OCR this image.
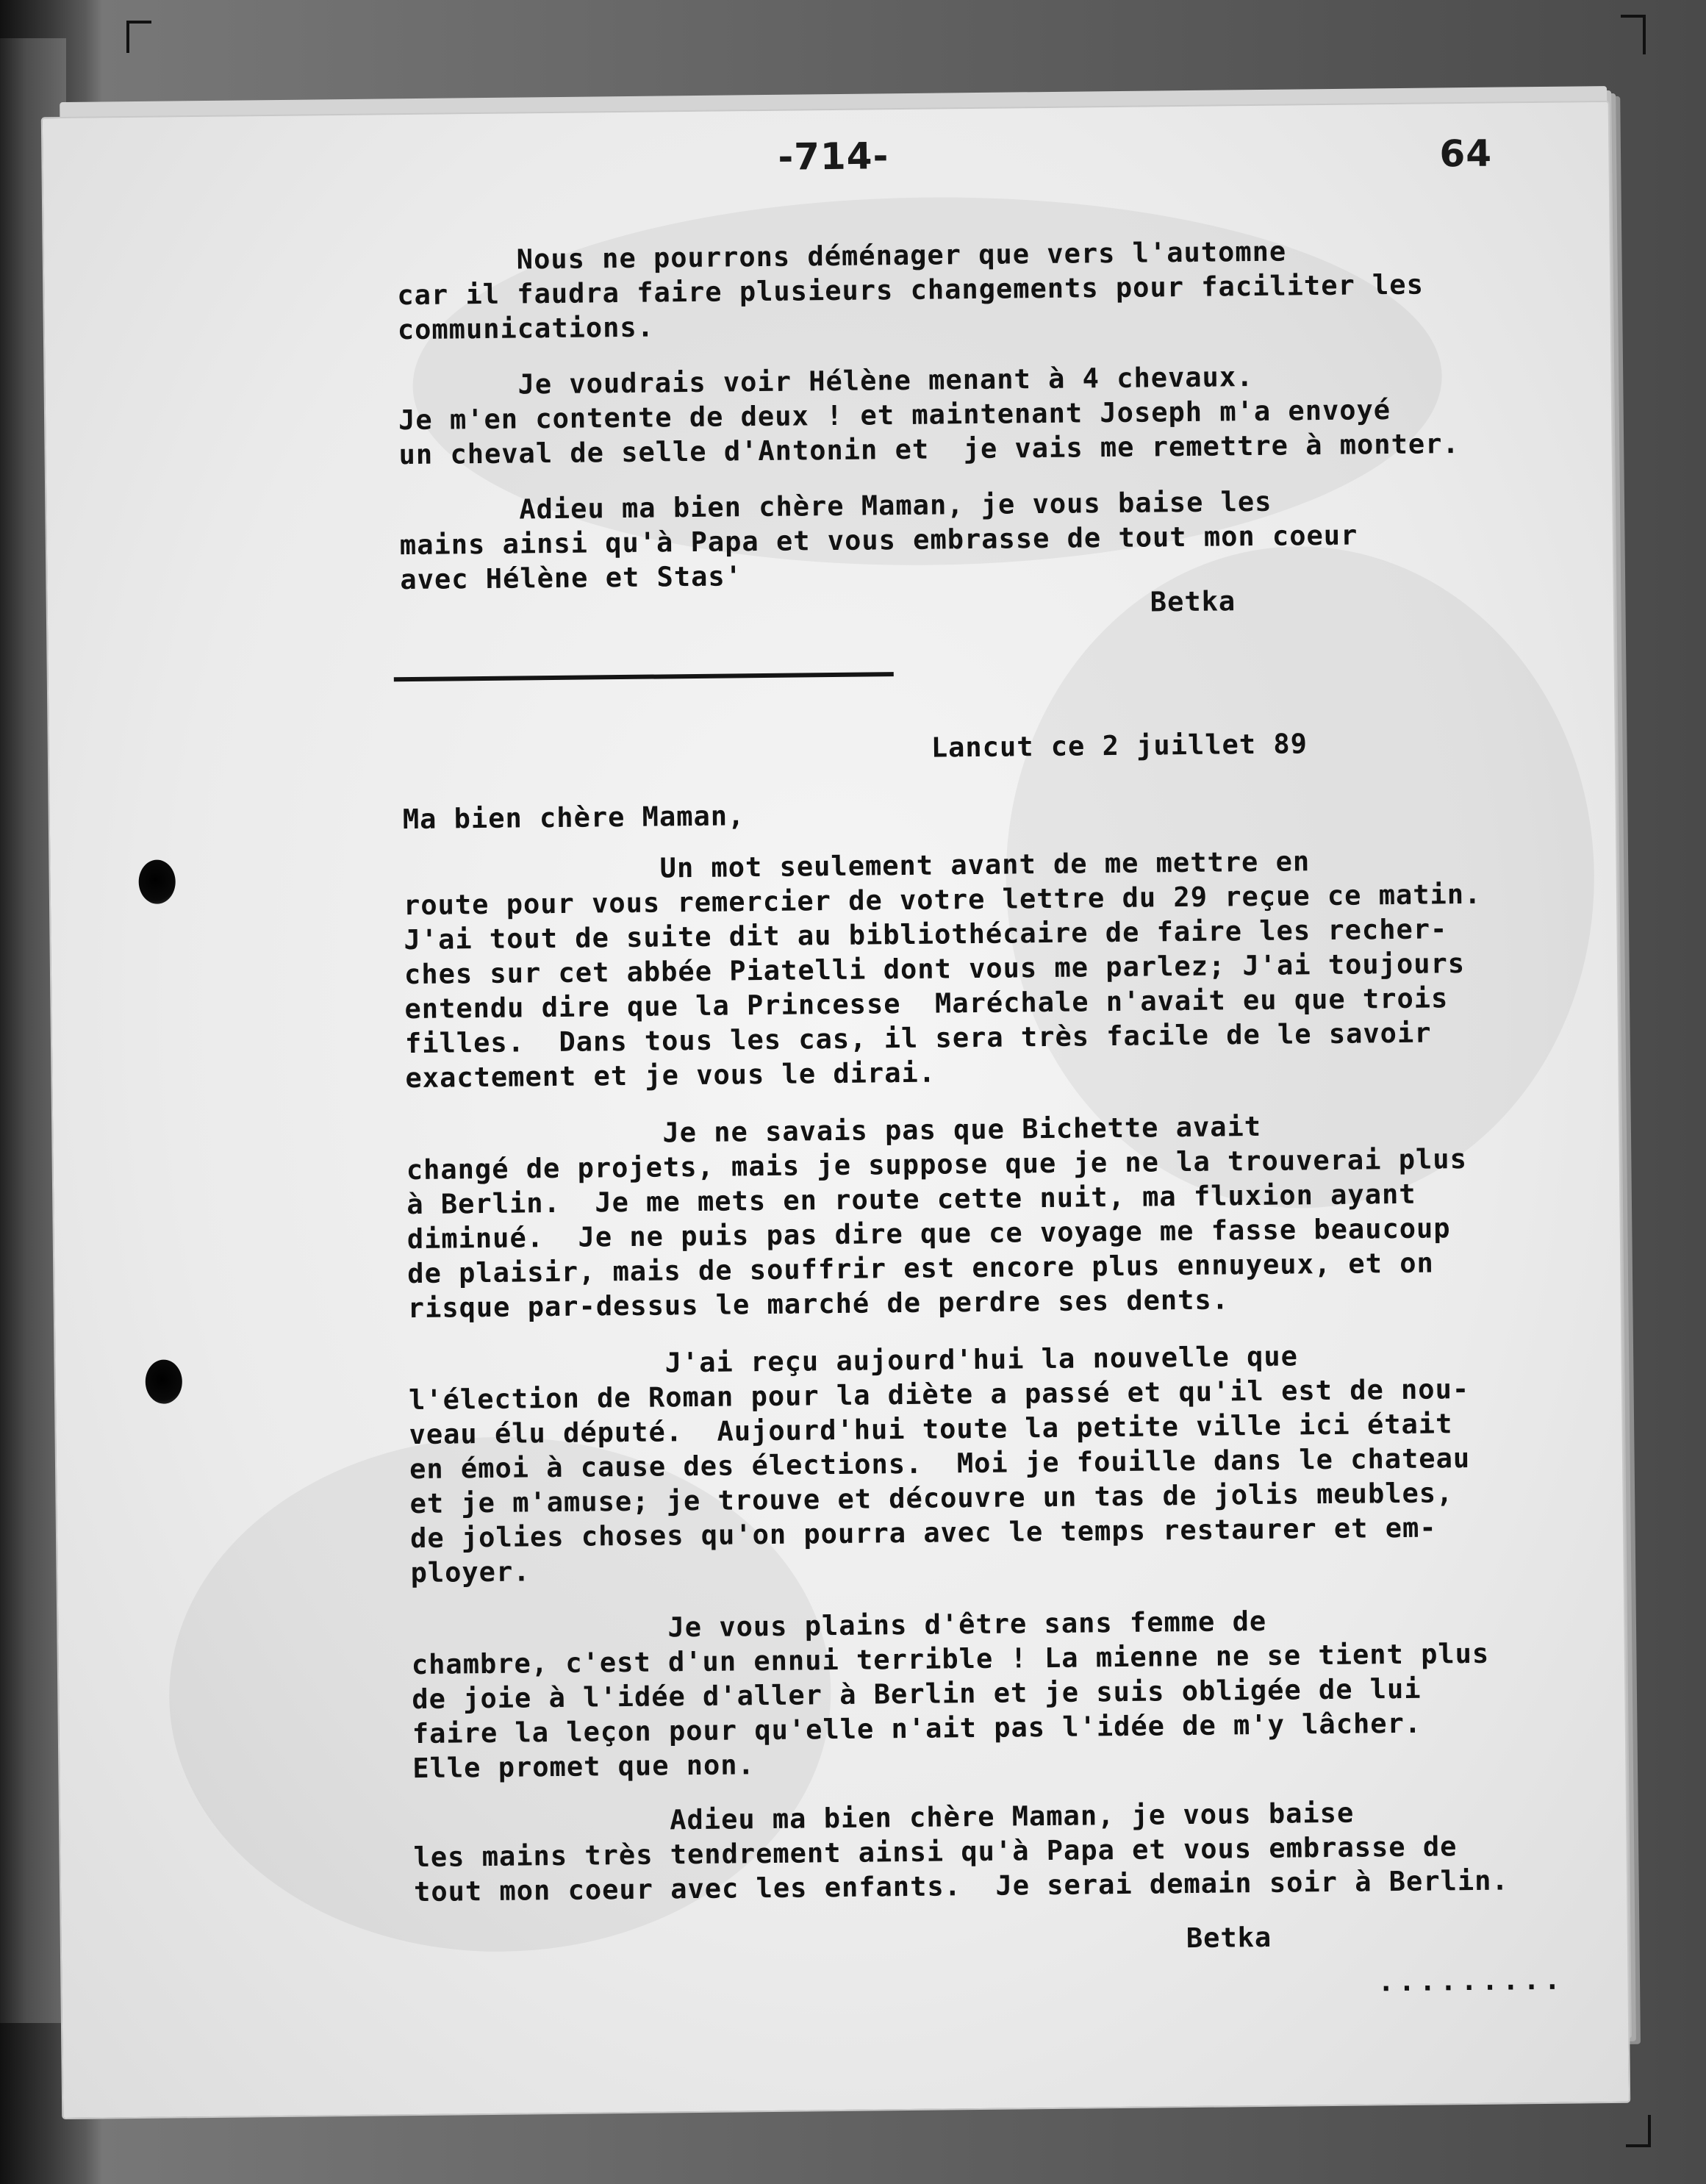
-714-

	64

Nous ne pourrons déménager que vers l'automne

car il faudra faire plusieurs changements pour faciliter les

communications.

Je voudrais voir Hélène menant à 4 chevaux.

Je m'en contente de deux ! et maintenant Joseph m'a envoyé

un cheval de selle d'Antonin et  je vais me remettre à monter.

Adieu ma bien chère Maman, je vous baise les

mains ainsi qu'à Papa et vous embrasse de tout mon coeur

avec Hélène et Stas'

Betka

Lancut ce 2 juillet 89

Ma bien chère Maman,

Un mot seulement avant de me mettre en

route pour vous remercier de votre lettre du 29 reçue ce matin.

J'ai tout de suite dit au bibliothécaire de faire les recher-

ches sur cet abbée Piatelli dont vous me parlez; J'ai toujours

entendu dire que la Princesse  Maréchale n'avait eu que trois

filles.  Dans tous les cas, il sera très facile de le savoir

exactement et je vous le dirai.

Je ne savais pas que Bichette avait

changé de projets, mais je suppose que je ne la trouverai plus

à Berlin.  Je me mets en route cette nuit, ma fluxion ayant

diminué.  Je ne puis pas dire que ce voyage me fasse beaucoup

de plaisir, mais de souffrir est encore plus ennuyeux, et on

risque par-dessus le marché de perdre ses dents.

J'ai reçu aujourd'hui la nouvelle que

l'élection de Roman pour la diète a passé et qu'il est de nou-

veau élu député.  Aujourd'hui toute la petite ville ici était

en émoi à cause des élections.  Moi je fouille dans le chateau

et je m'amuse; je trouve et découvre un tas de jolis meubles,

de jolies choses qu'on pourra avec le temps restaurer et em-

ployer.

Je vous plains d'être sans femme de

chambre, c'est d'un ennui terrible ! La mienne ne se tient plus

de joie à l'idée d'aller à Berlin et je suis obligée de lui

faire la leçon pour qu'elle n'ait pas l'idée de m'y lâcher.

Elle promet que non.

Adieu ma bien chère Maman, je vous baise

les mains très tendrement ainsi qu'à Papa et vous embrasse de

tout mon coeur avec les enfants.  Je serai demain soir à Berlin.

Betka

.........
